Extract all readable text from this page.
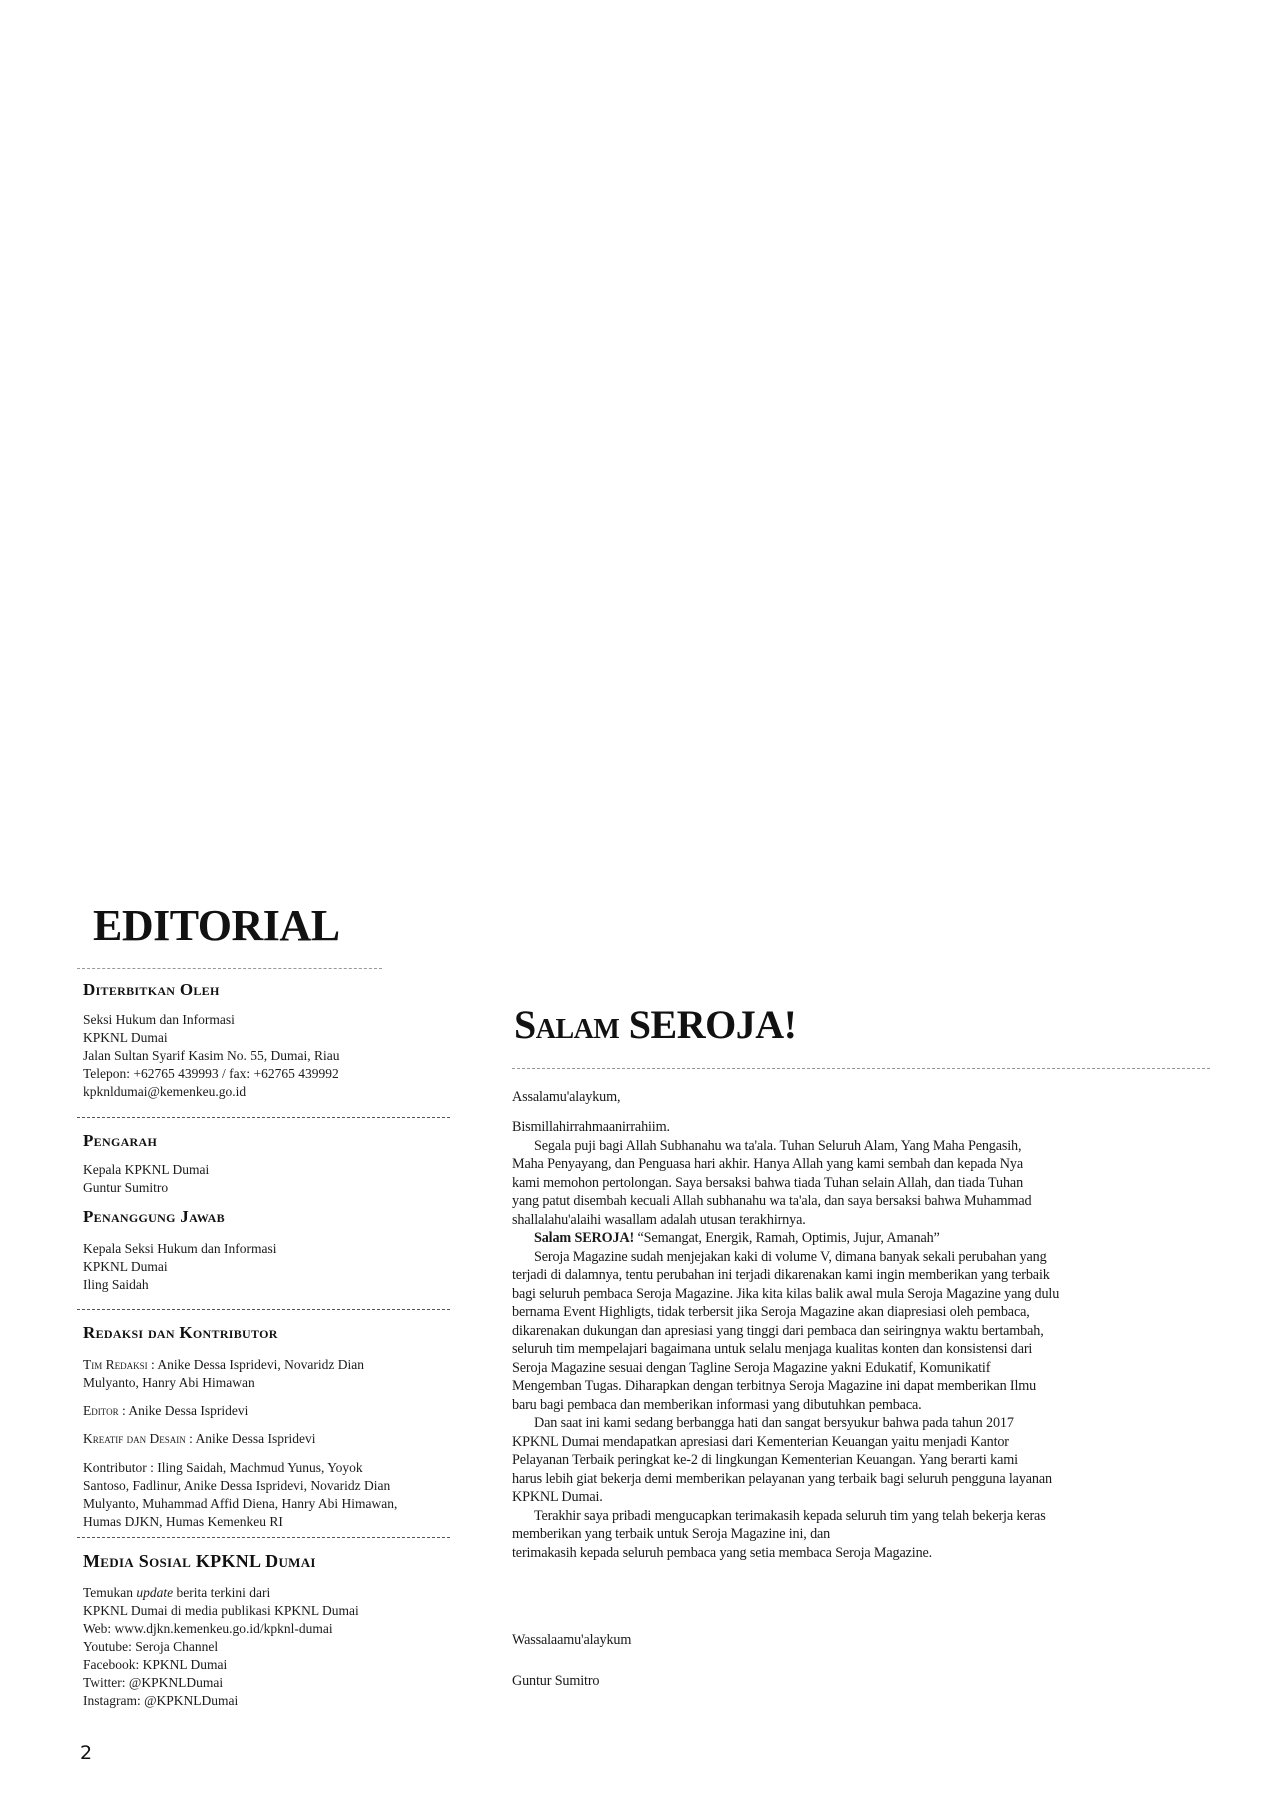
EDITORIAL
Diterbitkan Oleh
Seksi Hukum dan Informasi
KPKNL Dumai
Jalan Sultan Syarif Kasim No. 55, Dumai, Riau
Telepon: +62765 439993 / fax: +62765 439992
kpknldumai@kemenkeu.go.id
Pengarah
Kepala KPKNL Dumai
Guntur Sumitro
Penanggung Jawab
Kepala Seksi Hukum dan Informasi
KPKNL Dumai
Iling Saidah
Redaksi dan Kontributor
Tim Redaksi : Anike Dessa Ispridevi, Novaridz Dian
Mulyanto, Hanry Abi Himawan
Editor : Anike Dessa Ispridevi
Kreatif dan Desain : Anike Dessa Ispridevi
Kontributor : Iling Saidah, Machmud Yunus, Yoyok
Santoso, Fadlinur, Anike Dessa Ispridevi, Novaridz Dian
Mulyanto, Muhammad Affid Diena, Hanry Abi Himawan,
Humas DJKN, Humas Kemenkeu RI
Media Sosial KPKNL Dumai
Temukan update berita terkini dari
KPKNL Dumai di media publikasi KPKNL Dumai
Web: www.djkn.kemenkeu.go.id/kpknl-dumai
Youtube: Seroja Channel
Facebook: KPKNL Dumai
Twitter: @KPKNLDumai
Instagram: @KPKNLDumai
2
Salam SEROJA!
Assalamu'alaykum,
Bismillahirrahmaanirrahiim.
Segala puji bagi Allah Subhanahu wa ta'ala. Tuhan Seluruh Alam, Yang Maha Pengasih,
Maha Penyayang, dan Penguasa hari akhir. Hanya Allah yang kami sembah dan kepada Nya
kami memohon pertolongan. Saya bersaksi bahwa tiada Tuhan selain Allah, dan tiada Tuhan
yang patut disembah kecuali Allah subhanahu wa ta'ala, dan saya bersaksi bahwa Muhammad
shallalahu'alaihi wasallam adalah utusan terakhirnya.
Salam SEROJA! “Semangat, Energik, Ramah, Optimis, Jujur, Amanah”
Seroja Magazine sudah menjejakan kaki di volume V, dimana banyak sekali perubahan yang
terjadi di dalamnya, tentu perubahan ini terjadi dikarenakan kami ingin memberikan yang terbaik
bagi seluruh pembaca Seroja Magazine. Jika kita kilas balik awal mula Seroja Magazine yang dulu
bernama Event Highligts, tidak terbersit jika Seroja Magazine akan diapresiasi oleh pembaca,
dikarenakan dukungan dan apresiasi yang tinggi dari pembaca dan seiringnya waktu bertambah,
seluruh tim mempelajari bagaimana untuk selalu menjaga kualitas konten dan konsistensi dari
Seroja Magazine sesuai dengan Tagline Seroja Magazine yakni Edukatif, Komunikatif
Mengemban Tugas. Diharapkan dengan terbitnya Seroja Magazine ini dapat memberikan Ilmu
baru bagi pembaca dan memberikan informasi yang dibutuhkan pembaca.
Dan saat ini kami sedang berbangga hati dan sangat bersyukur bahwa pada tahun 2017
KPKNL Dumai mendapatkan apresiasi dari Kementerian Keuangan yaitu menjadi Kantor
Pelayanan Terbaik peringkat ke-2 di lingkungan Kementerian Keuangan. Yang berarti kami
harus lebih giat bekerja demi memberikan pelayanan yang terbaik bagi seluruh pengguna layanan
KPKNL Dumai.
Terakhir saya pribadi mengucapkan terimakasih kepada seluruh tim yang telah bekerja keras
memberikan yang terbaik untuk Seroja Magazine ini, dan
terimakasih kepada seluruh pembaca yang setia membaca Seroja Magazine.
Wassalaamu'alaykum
Guntur Sumitro
